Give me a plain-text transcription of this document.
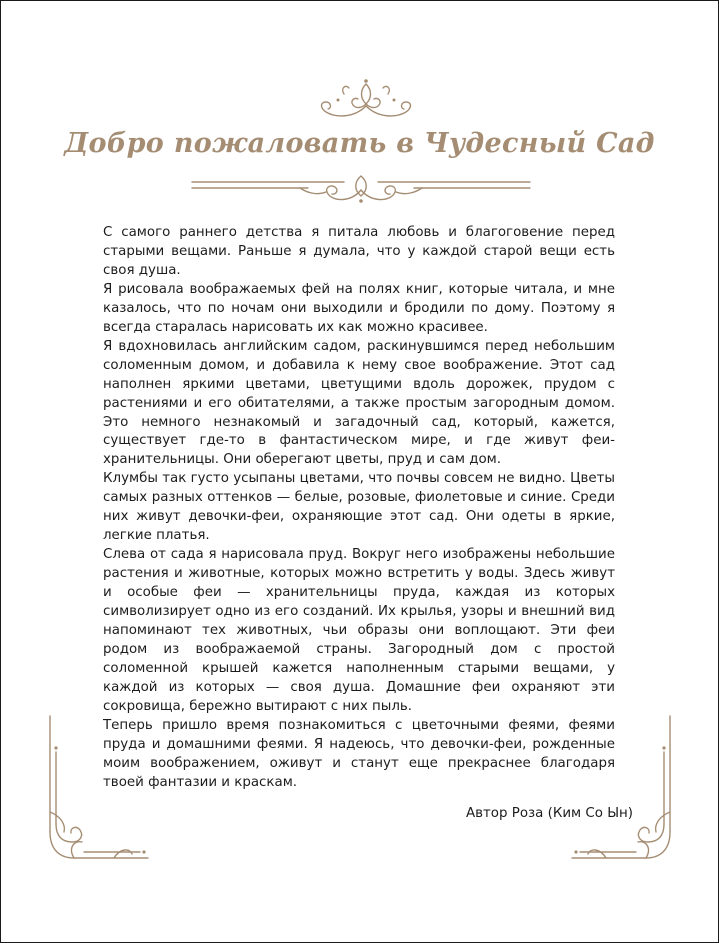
Добро пожаловать в Чудесный Сад

С самого раннего детства я питала любовь и благоговение перед старыми вещами. Раньше я думала, что у каждой старой вещи есть своя душа.

Я рисовала воображаемых фей на полях книг, которые читала, и мне казалось, что по ночам они выходили и бродили по дому. Поэтому я всегда старалась нарисовать их как можно красивее.

Я вдохновилась английским садом, раскинувшимся перед небольшим соломенным домом, и добавила к нему свое воображение. Этот сад наполнен яркими цветами, цветущими вдоль дорожек, прудом с растениями и его обитателями, а также простым загородным домом. Это немного незнакомый и загадочный сад, который, кажется, существует где-то в фантастическом мире, и где живут феи-хранительницы. Они оберегают цветы, пруд и сам дом.

Клумбы так густо усыпаны цветами, что почвы совсем не видно. Цветы самых разных оттенков — белые, розовые, фиолетовые и синие. Среди них живут девочки-феи, охраняющие этот сад. Они одеты в яркие, легкие платья.

Слева от сада я нарисовала пруд. Вокруг него изображены небольшие растения и животные, которых можно встретить у воды. Здесь живут и особые феи — хранительницы пруда, каждая из которых символизирует одно из его созданий. Их крылья, узоры и внешний вид напоминают тех животных, чьи образы они воплощают. Эти феи родом из воображаемой страны. Загородный дом с простой соломенной крышей кажется наполненным старыми вещами, у каждой из которых — своя душа. Домашние феи охраняют эти сокровища, бережно вытирают с них пыль.

Теперь пришло время познакомиться с цветочными феями, феями пруда и домашними феями. Я надеюсь, что девочки-феи, рожденные моим воображением, оживут и станут еще прекраснее благодаря твоей фантазии и краскам.

Автор Роза (Ким Со Ын)
